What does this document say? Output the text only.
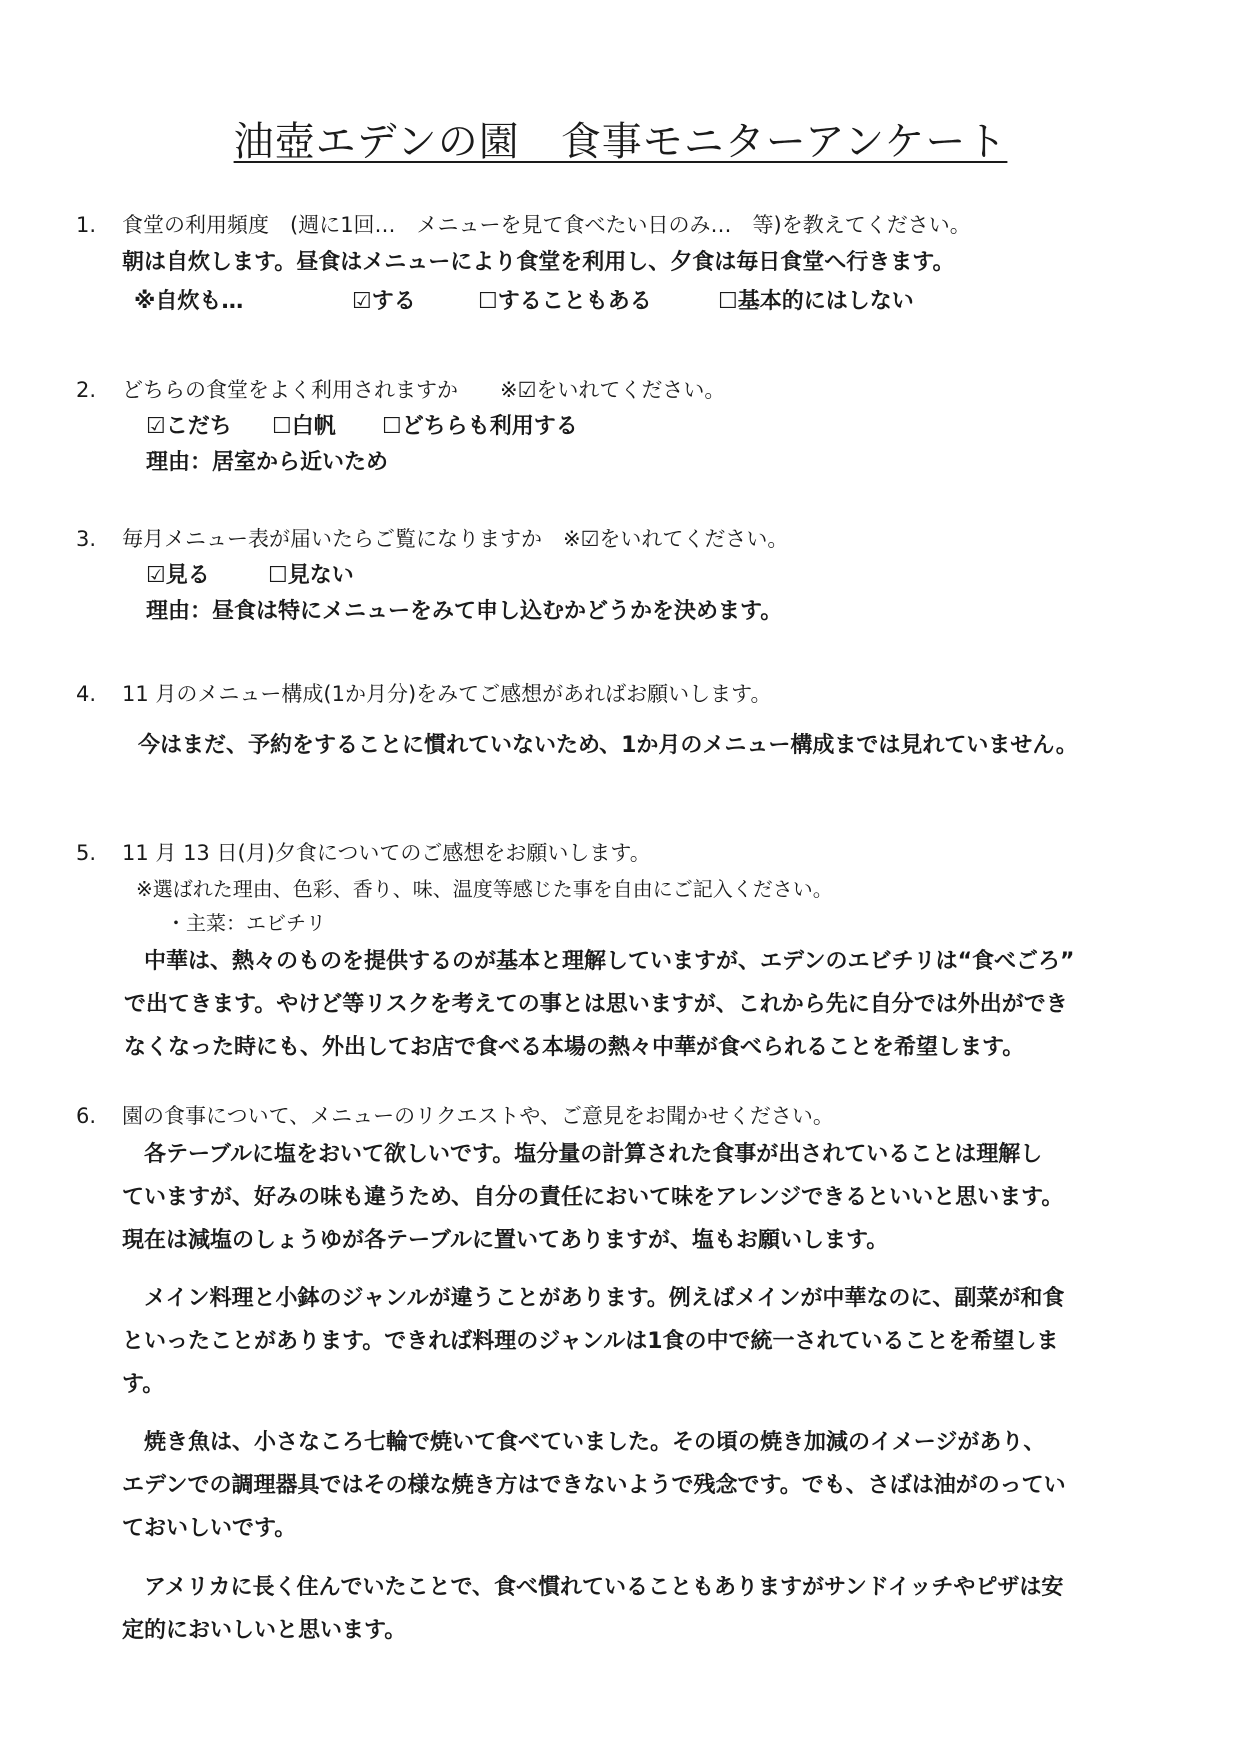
油壺エデンの園　食事モニターアンケート
1. 食堂の利用頻度　(週に1回…　メニューを見て食べたい日のみ…　等)を教えてください。
朝は自炊します。昼食はメニューにより食堂を利用し、夕食は毎日食堂へ行きます。
※自炊も…	☑する	☐することもある	☐基本的にはしない
2. どちらの食堂をよく利用されますか　　※☑をいれてください。
☑こだち ☐白帆 ☐どちらも利用する
理由：居室から近いため
3. 毎月メニュー表が届いたらご覧になりますか　※☑をいれてください。
☑見る	☐見ない
理由：昼食は特にメニューをみて申し込むかどうかを決めます。
4. 11 月のメニュー構成(1か月分)をみてご感想があればお願いします。
今はまだ、予約をすることに慣れていないため、1か月のメニュー構成までは見れていません。
5. 11 月 13 日(月)夕食についてのご感想をお願いします。
※選ばれた理由、色彩、香り、味、温度等感じた事を自由にご記入ください。
・主菜：エビチリ
中華は、熱々のものを提供するのが基本と理解していますが、エデンのエビチリは“食べごろ”
で出てきます。やけど等リスクを考えての事とは思いますが、これから先に自分では外出ができ
なくなった時にも、外出してお店で食べる本場の熱々中華が食べられることを希望します。
6. 園の食事について、メニューのリクエストや、ご意見をお聞かせください。
　各テーブルに塩をおいて欲しいです。塩分量の計算された食事が出されていることは理解し
ていますが、好みの味も違うため、自分の責任において味をアレンジできるといいと思います。
現在は減塩のしょうゆが各テーブルに置いてありますが、塩もお願いします。
　メイン料理と小鉢のジャンルが違うことがあります。例えばメインが中華なのに、副菜が和食
といったことがあります。できれば料理のジャンルは1食の中で統一されていることを希望しま
す。
　焼き魚は、小さなころ七輪で焼いて食べていました。その頃の焼き加減のイメージがあり、
エデンでの調理器具ではその様な焼き方はできないようで残念です。でも、さばは油がのってい
ておいしいです。
　アメリカに長く住んでいたことで、食べ慣れていることもありますがサンドイッチやピザは安
定的においしいと思います。
